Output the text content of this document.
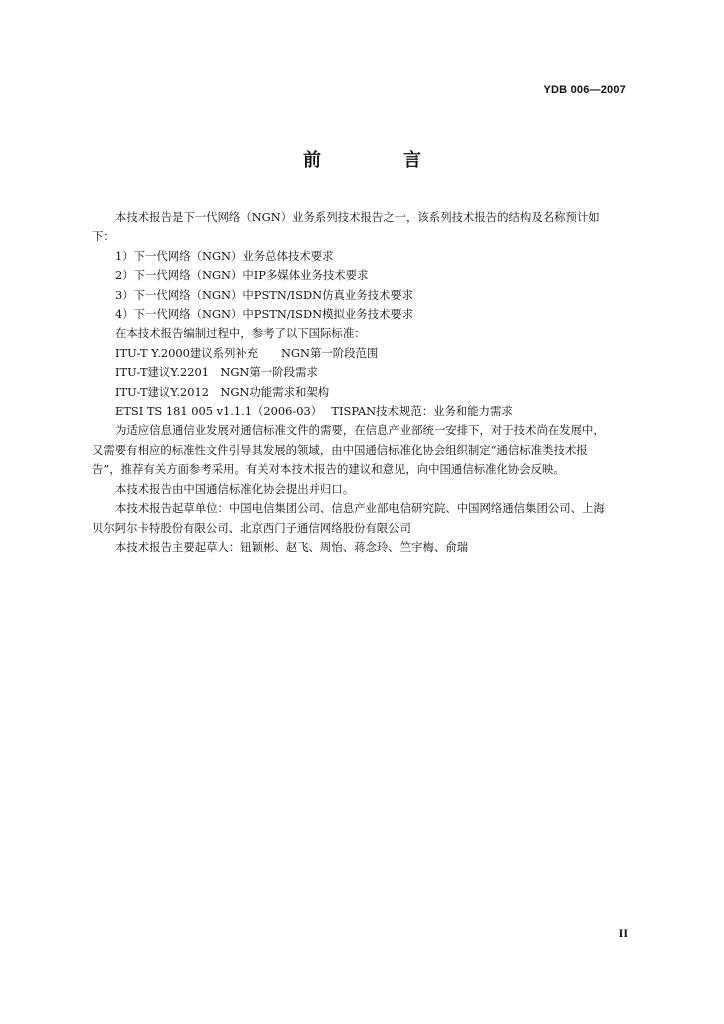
YDB 006—2007
前　言
本技术报告是下一代网络（NGN）业务系列技术报告之一，该系列技术报告的结构及名称预计如
下：
1）下一代网络（NGN）业务总体技术要求
2）下一代网络（NGN）中IP多媒体业务技术要求
3）下一代网络（NGN）中PSTN/ISDN仿真业务技术要求
4）下一代网络（NGN）中PSTN/ISDN模拟业务技术要求
在本技术报告编制过程中，参考了以下国际标准：
ITU-T Y.2000建议系列补充　　NGN第一阶段范围
ITU-T建议Y.2201　NGN第一阶段需求
ITU-T建议Y.2012　NGN功能需求和架构
ETSI TS 181 005 v1.1.1（2006-03）　 TISPAN技术规范：业务和能力需求
为适应信息通信业发展对通信标准文件的需要，在信息产业部统一安排下，对于技术尚在发展中，
又需要有相应的标准性文件引导其发展的领域，由中国通信标准化协会组织制定“通信标准类技术报
告”，推荐有关方面参考采用。有关对本技术报告的建议和意见，向中国通信标准化协会反映。
本技术报告由中国通信标准化协会提出并归口。
本技术报告起草单位：中国电信集团公司、信息产业部电信研究院、中国网络通信集团公司、上海
贝尔阿尔卡特股份有限公司、北京西门子通信网络股份有限公司
本技术报告主要起草人：钮颖彬、赵飞、周怡、蒋念玲、竺宇梅、俞瑞
II
